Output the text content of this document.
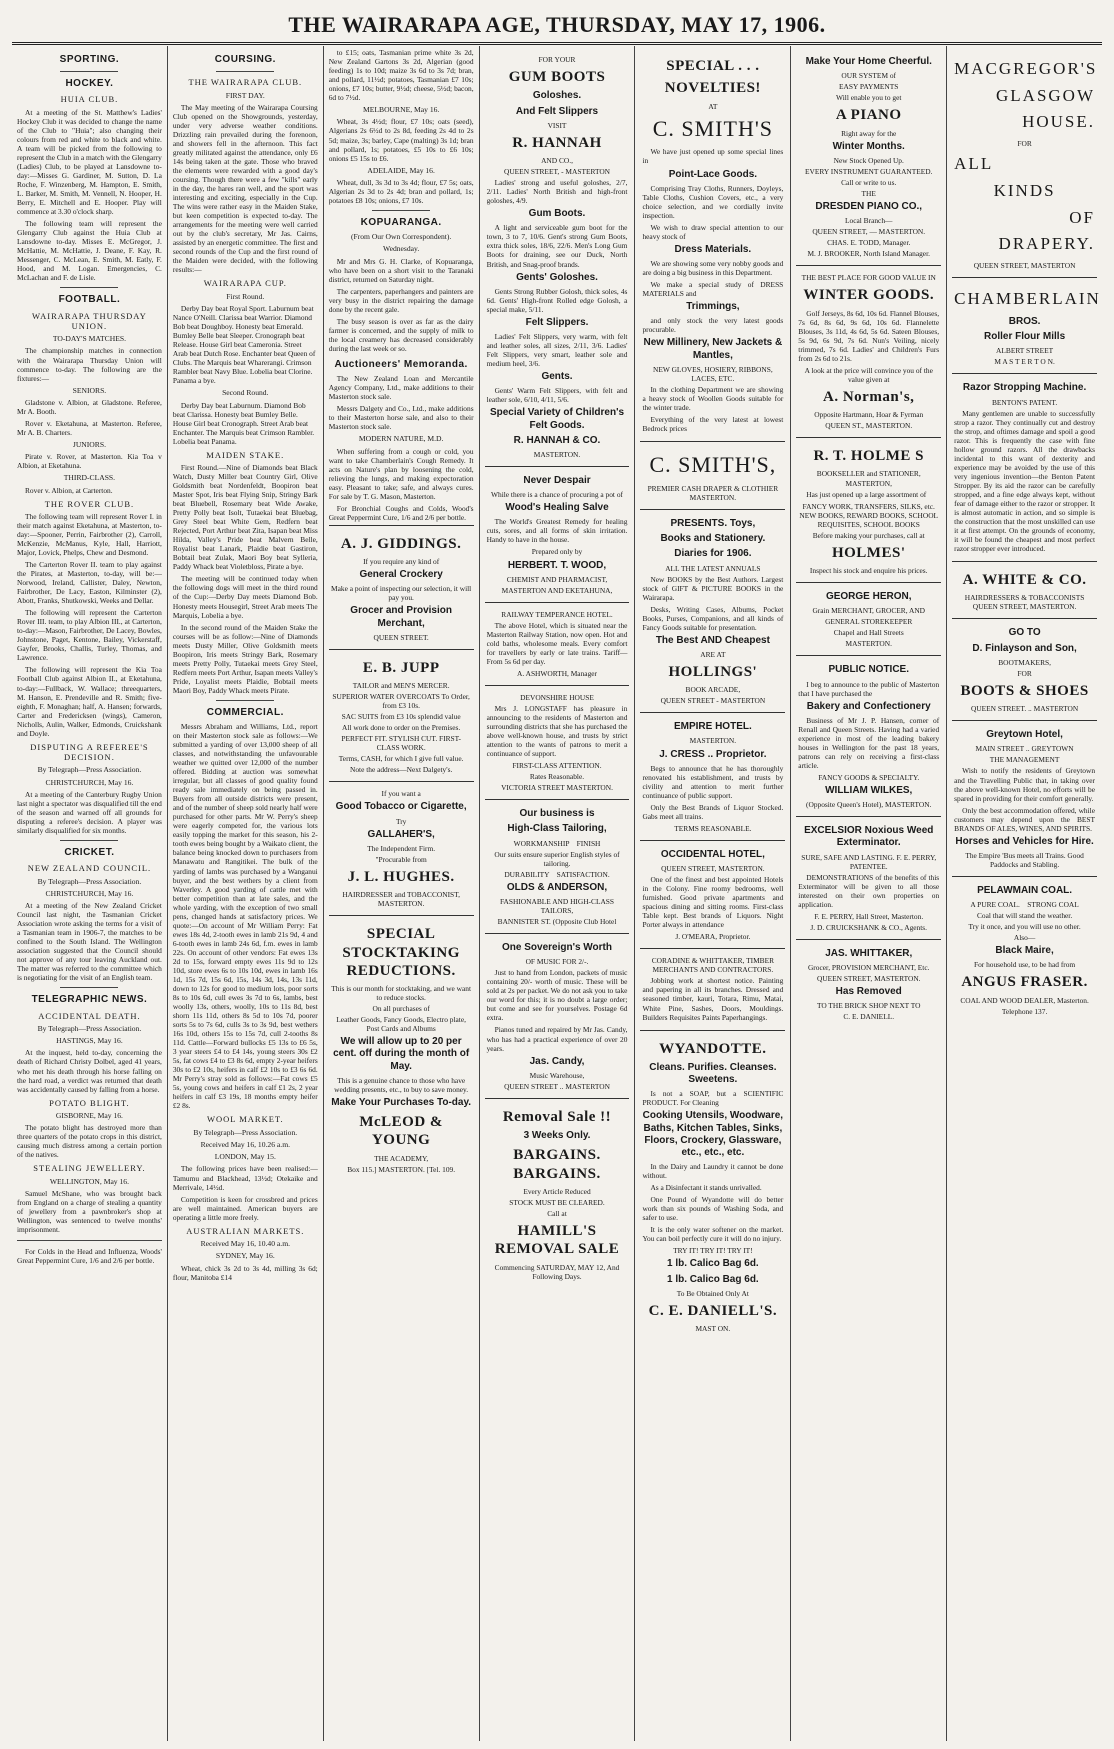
THE WAIRARAPA AGE, THURSDAY, MAY 17, 1906.
SPORTING.
HOCKEY.
HUIA CLUB.

At a meeting of the St. Matthew's Ladies' Hockey Club it was decided to change the name of the Club to "Huia"; also changing their colours from red and white to black and white. A team will be picked from the following to represent the Club in a match with the Glengarry (Ladies) Club, to be played at Lansdowne to-day:—Misses G. Gardiner, M. Sutton, D. La Roche, F. Winzenberg, M. Hampton, E. Smith, L. Barker, M. Smith, M. Vennell, N. Hooper, H. Berry, E. Mitchell and E. Hooper. Play will commence at 3.30 o'clock sharp.

The following team will represent the Glengarry Club against the Huia Club at Lansdowne to-day. Misses E. McGregor, J. McHattie, M. McHattie, J. Deane, F. Kay, R. Messenger, C. McLean, E. Smith, M. Eatly, F. Hood, and M. Logan. Emergencies, C. McLachan and F. de Lisle.

FOOTBALL.
WAIRARAPA THURSDAY UNION.
TO-DAY'S MATCHES.

The championship matches in connection with the Wairarapa Thursday Union will commence to-day. The following are the fixtures:—

SENIORS.

Gladstone v. Albion, at Gladstone. Referee, Mr A. Booth.

Rover v. Eketahuna, at Masterton. Referee, Mr A. B. Charters.

JUNIORS.

Pirate v. Rover, at Masterton. Kia Toa v Albion, at Eketahuna.

THIRD-CLASS.

Rover v. Albion, at Carterton.

THE ROVER CLUB.

The following team will represent Rover I. in their match against Eketahuna, at Masterton, to-day:—Spooner, Perrin, Fairbrother (2), Carroll, McKenzie, McManus, Kyle, Hall, Harriott, Major, Lovick, Phelps, Chew and Desmond.

The Carterton Rover II. team to play against the Pirates, at Masterton, to-day, will be:—Norwood, Ireland, Callister, Daley, Newton, Fairbrother, De Lacy, Easton, Kilminster (2), Abott, Franks, Shutkowski, Weeks and Dellar.

The following will represent the Carterton Rover III. team, to play Albion III., at Carterton, to-day:—Mason, Fairbrother, De Lacey, Bowles, Johnstone, Paget, Kentone, Bailey, Vickerstaff, Gayfer, Brooks, Challis, Turley, Thomas, and Lawrence.

The following will represent the Kia Toa Football Club against Albion II., at Eketahuna, to-day:—Fullback, W. Wallace; threequarters, M. Hanson, E. Prendeville and R. Smith; five-eighth, F. Monaghan; half, A. Hansen; forwards, Carter and Fredericksen (wings), Cameron, Nicholls, Aulin, Walker, Edmonds, Cruickshank and Doyle.

DISPUTING A REFEREE'S DECISION.
By Telegraph—Press Association.
CHRISTCHURCH, May 16.

At a meeting of the Canterbury Rugby Union last night a spectator was disqualified till the end of the season and warned off all grounds for disputing a referee's decision. A player was similarly disqualified for six months.

CRICKET.
NEW ZEALAND COUNCIL.
By Telegraph—Press Association.
CHRISTCHURCH, May 16.

At a meeting of the New Zealand Cricket Council last night, the Tasmanian Cricket Association wrote asking the terms for a visit of a Tasmanian team in 1906-7, the matches to be confined to the South Island. The Wellington association suggested that the Council should not approve of any tour leaving Auckland out. The matter was referred to the committee which is negotiating for the visit of an English team.

TELEGRAPHIC NEWS.
ACCIDENTAL DEATH.
By Telegraph—Press Association.
HASTINGS, May 16.

At the inquest, held to-day, concerning the death of Richard Christy Dolbel, aged 41 years, who met his death through his horse falling on the hard road, a verdict was returned that death was accidentally caused by falling from a horse.

POTATO BLIGHT.
GISBORNE, May 16.

The potato blight has destroyed more than three quarters of the potato crops in this district, causing much distress among a certain portion of the natives.

STEALING JEWELLERY.
WELLINGTON, May 16.

Samuel McShane, who was brought back from England on a charge of stealing a quantity of jewellery from a pawnbroker's shop at Wellington, was sentenced to twelve months' imprisonment.

For Colds in the Head and Influenza, Woods' Great Peppermint Cure, 1/6 and 2/6 per bottle.

COURSING.
THE WAIRARAPA CLUB.
FIRST DAY.

The May meeting of the Wairarapa Coursing Club opened on the Showgrounds, yesterday, under very adverse weather conditions. Drizzling rain prevailed during the forenoon, and showers fell in the afternoon. This fact greatly militated against the attendance, only £6 14s being taken at the gate. Those who braved the elements were rewarded with a good day's coursing. Though there were a few "kills" early in the day, the hares ran well, and the sport was interesting and exciting, especially in the Cup. The wins were rather easy in the Maiden Stake, but keen competition is expected to-day. The arrangements for the meeting were well carried out by the club's secretary, Mr Jas. Cairns, assisted by an energetic committee. The first and second rounds of the Cup and the first round of the Maiden were decided, with the following results:—

WAIRARAPA CUP.
First Round.

Derby Day beat Royal Sport. Laburnum beat Nance O'Neill. Clarissa beat Warrior. Diamond Bob beat Doughboy. Honesty beat Emerald. Bumley Belle beat Sleeper. Cronograph beat Release. House Girl beat Cameronia. Street Arab beat Dutch Rose. Enchanter beat Queen of Clubs. The Marquis beat Wharerangi. Crimson Rambler beat Navy Blue. Lobelia beat Clorine. Panama a bye.

Second Round.

Derby Day beat Laburnum. Diamond Bob beat Clarissa. Honesty beat Bumley Belle. House Girl beat Cronograph. Street Arab beat Enchanter. The Marquis beat Crimson Rambler. Lobelia beat Panama.

MAIDEN STAKE.

First Round.—Nine of Diamonds beat Black Watch, Dusty Miller beat Country Girl, Olive Goldsmith beat Nordenfeldt, Boopiron beat Master Spot, Iris beat Flying Snip, Stringy Bark beat Bluebell, Rosemary beat Wide Awake, Pretty Polly beat Isolt, Tutaekai beat Bluebag, Grey Steel beat White Gem, Redfern beat Rejected, Port Arthur beat Zita, Isapan beat Miss Hilda, Valley's Pride beat Malvern Belle, Royalist beat Lanark, Plaidie beat Gastiron, Bobtail beat Zulak, Maori Boy beat Sylleria, Paddy Whack beat Violetbloss, Pirate a bye.

The meeting will be continued today when the following dogs will meet in the third round of the Cup:—Derby Day meets Diamond Bob. Honesty meets Housegirl, Street Arab meets The Marquis, Lobelia a bye.

In the second round of the Maiden Stake the courses will be as follow:—Nine of Diamonds meets Dusty Miller, Olive Goldsmith meets Boopiron, Iris meets Stringy Bark, Rosemary meets Pretty Polly, Tutaekai meets Grey Steel, Redfern meets Port Arthur, Isapan meets Valley's Pride, Loyalist meets Plaidie, Bobtail meets Maori Boy, Paddy Whack meets Pirate.

COMMERCIAL.

Messrs Abraham and Williams, Ltd., report on their Masterton stock sale as follows:—We submitted a yarding of over 13,000 sheep of all classes, and notwithstanding the unfavourable weather we quitted over 12,000 of the number offered. Bidding at auction was somewhat irregular, but all classes of good quality found ready sale immediately on being passed in. Buyers from all outside districts were present, and of the number of sheep sold nearly half were purchased for other parts. Mr W. Perry's sheep were eagerly competed for, the various lots easily topping the market for this season, his 2-tooth ewes being bought by a Waikato client, the balance being knocked down to purchasers from Manawatu and Rangitikei. The bulk of the yarding of lambs was purchased by a Wanganui buyer, and the best wethers by a client from Waverley. A good yarding of cattle met with better competition than at late sales, and the whole yarding, with the exception of two small pens, changed hands at satisfactory prices. We quote:—On account of Mr William Perry: Fat ewes 18s 4d, 2-tooth ewes in lamb 21s 9d, 4 and 6-tooth ewes in lamb 24s 6d, f.m. ewes in lamb 22s. On account of other vendors: Fat ewes 13s 2d to 15s, forward empty ewes 11s 9d to 12s 10d, store ewes 6s to 10s 10d, ewes in lamb 16s 1d, 15s 7d, 15s 6d, 15s, 14s 3d, 14s, 13s 11d, down to 12s for good to medium lots, poor sorts 8s to 10s 6d, cull ewes 3s 7d to 6s, lambs, best woolly 13s, others, woolly, 10s to 11s 8d, best shorn 11s 11d, others 8s 5d to 10s 7d, poorer sorts 5s to 7s 6d, culls 3s to 3s 9d, best wethers 16s 10d, others 15s to 15s 7d, cull 2-tooths 8s 11d. Cattle—Forward bullocks £5 13s to £6 5s, 3 year steers £4 to £4 14s, young steers 30s £2 5s, fat cows £4 to £3 8s 6d, empty 2-year heifers 30s to £2 10s, heifers in calf £2 10s to £3 6s 6d. Mr Perry's stray sold as follows:—Fat cows £5 5s, young cows and heifers in calf £1 2s, 2 year heifers in calf £3 19s, 18 months empty heifer £2 8s.

WOOL MARKET.
By Telegraph—Press Association.
Received May 16, 10.26 a.m.
LONDON, May 15.

The following prices have been realised:—Tamumu and Blackhead, 13½d; Otekaike and Merrivale, 14½d.

Competition is keen for crossbred and prices are well maintained. American buyers are operating a little more freely.

AUSTRALIAN MARKETS.
Received May 16, 10.40 a.m.
SYDNEY, May 16.

Wheat, chick 3s 2d to 3s 4d, milling 3s 6d; flour, Manitoba £14

to £15; oats, Tasmanian prime white 3s 2d, New Zealand Gartons 3s 2d, Algerian (good feeding) 1s to 10d; maize 3s 6d to 3s 7d; bran, and pollard, 11½d; potatoes, Tasmanian £7 10s; onions, £7 10s; butter, 9½d; cheese, 5½d; bacon, 6d to 7½d.

MELBOURNE, May 16.

Wheat, 3s 4½d; flour, £7 10s; oats (seed), Algerians 2s 6½d to 2s 8d, feeding 2s 4d to 2s 5d; maize, 3s; barley, Cape (malting) 3s 1d; bran and pollard, 1s; potatoes, £5 10s to £6 10s; onions £5 15s to £6.

ADELAIDE, May 16.

Wheat, dull, 3s 3d to 3s 4d; flour, £7 5s; oats, Algerian 2s 3d to 2s 4d; bran and pollard, 1s; potatoes £8 10s; onions, £7 10s.

KOPUARANGA.
(From Our Own Correspondent).
Wednesday.

Mr and Mrs G. H. Clarke, of Kopuaranga, who have been on a short visit to the Taranaki district, returned on Saturday night.

The carpenters, paperhangers and painters are very busy in the district repairing the damage done by the recent gale.

The busy season is over as far as the dairy farmer is concerned, and the supply of milk to the local creamery has decreased considerably during the last week or so.

Auctioneers' Memoranda.

The New Zealand Loan and Mercantile Agency Company, Ltd., make additions to their Masterton stock sale.

Messrs Dalgety and Co., Ltd., make additions to their Masterton horse sale, and also to their Masterton stock sale.

MODERN NATURE, M.D.

When suffering from a cough or cold, you want to take Chamberlain's Cough Remedy. It acts on Nature's plan by loosening the cold, relieving the lungs, and making expectoration easy. Pleasant to take; safe, and always cures. For sale by T. G. Mason, Masterton.

For Bronchial Coughs and Colds, Wood's Great Peppermint Cure, 1/6 and 2/6 per bottle.

A. J. GIDDINGS.
If you require any kind of
General Crockery
Make a point of inspecting our selection, it will pay you.
Grocer and Provision Merchant,
QUEEN STREET.
E. B. JUPP
TAILOR and MEN'S MERCER.
SUPERIOR WATER OVERCOATS To Order, from £3 10s.
SAC SUITS from £3 10s splendid value
All work done to order on the Premises.
PERFECT FIT. STYLISH CUT. FIRST-CLASS WORK.
Terms, CASH, for which I give full value.
Note the address—Next Dalgety's.
If you want a
Good Tobacco or Cigarette,
Try
GALLAHER'S,
The Independent Firm.
"Procurable from
J. L. HUGHES.
HAIRDRESSER and TOBACCONIST, MASTERTON.
SPECIAL STOCKTAKING REDUCTIONS.
This is our month for stocktaking, and we want to reduce stocks.
On all purchases of
Leather Goods, Fancy Goods, Electro plate, Post Cards and Albums
We will allow up to 20 per cent. off during the month of May.
This is a genuine chance to those who have wedding presents, etc., to buy to save money.
Make Your Purchases To-day.
McLEOD & YOUNG
THE ACADEMY,
Box 115.] MASTERTON. [Tel. 109.
FOR YOUR
GUM BOOTS
Goloshes.
And Felt Slippers
VISIT
R. HANNAH
AND CO.,
QUEEN STREET, - MASTERTON

Ladies' strong and useful goloshes, 2/7, 2/11. Ladies' North British and high-front goloshes, 4/9.

Gum Boots.

A light and serviceable gum boot for the town, 3 to 7, 10/6. Gent's strong Gum Boots, extra thick soles, 18/6, 22/6. Men's Long Gum Boots for draining, see our Duck, North British, and Snag-proof brands.

Gents' Goloshes.

Gents Strong Rubber Golosh, thick soles, 4s 6d. Gents' High-front Rolled edge Golosh, a special make, 5/11.

Felt Slippers.

Ladies' Felt Slippers, very warm, with felt and leather soles, all sizes, 2/11, 3/6. Ladies' Felt Slippers, very smart, leather sole and medium heel, 3/6.

Gents.

Gents' Warm Felt Slippers, with felt and leather sole, 6/10, 4/11, 5/6.

Special Variety of Children's Felt Goods.
R. HANNAH & CO.
MASTERTON.
Never Despair
While there is a chance of procuring a pot of
Wood's Healing Salve

The World's Greatest Remedy for healing cuts, sores, and all forms of skin irritation. Handy to have in the house.

Prepared only by
HERBERT. T. WOOD,
CHEMIST AND PHARMACIST,
MASTERTON AND EKETAHUNA,
RAILWAY TEMPERANCE HOTEL.

The above Hotel, which is situated near the Masterton Railway Station, now open. Hot and cold baths, wholesome meals. Every comfort for travellers by early or late trains. Tariff—From 5s 6d per day.

A. ASHWORTH, Manager
DEVONSHIRE HOUSE

Mrs J. LONGSTAFF has pleasure in announcing to the residents of Masterton and surrounding districts that she has purchased the above well-known house, and trusts by strict attention to the wants of patrons to merit a continuance of support.

FIRST-CLASS ATTENTION.
Rates Reasonable.
VICTORIA STREET MASTERTON.
Our business is
High-Class Tailoring,
WORKMANSHIP FINISH
Our suits ensure superior English styles of tailoring.
DURABILITY SATISFACTION.
OLDS & ANDERSON,
FASHIONABLE AND HIGH-CLASS TAILORS,
BANNISTER ST. (Opposite Club Hotel
One Sovereign's Worth
OF MUSIC FOR 2/-.

Just to hand from London, packets of music containing 20/- worth of music. These will be sold at 2s per packet. We do not ask you to take our word for this; it is no doubt a large order; but come and see for yourselves. Postage 6d extra.

Pianos tuned and repaired by Mr Jas. Candy, who has had a practical experience of over 20 years.

Jas. Candy,
Music Warehouse,
QUEEN STREET .. MASTERTON
Removal Sale !!
3 Weeks Only.
BARGAINS. BARGAINS.
Every Article Reduced
STOCK MUST BE CLEARED.
Call at
HAMILL'S REMOVAL SALE
Commencing SATURDAY, MAY 12, And Following Days.
SPECIAL . . .
NOVELTIES!
AT
C. SMITH'S

We have just opened up some special lines in

Point-Lace Goods.

Comprising Tray Cloths, Runners, Doyleys, Table Cloths, Cushion Covers, etc., a very choice selection, and we cordially invite inspection.

We wish to draw special attention to our heavy stock of

Dress Materials.

We are showing some very nobby goods and are doing a big business in this Department.

We make a special study of DRESS MATERIALS and

Trimmings,

and only stock the very latest goods procurable.

New Millinery, New Jackets & Mantles,
NEW GLOVES, HOSIERY, RIBBONS, LACES, ETC.

In the clothing Department we are showing a heavy stock of Woollen Goods suitable for the winter trade.

Everything of the very latest at lowest Bedrock prices

C. SMITH'S,
PREMIER CASH DRAPER & CLOTHIER MASTERTON.
PRESENTS. Toys,
Books and Stationery.
Diaries for 1906.
ALL THE LATEST ANNUALS

New BOOKS by the Best Authors. Largest stock of GIFT & PICTURE BOOKS in the Wairarapa.

Desks, Writing Cases, Albums, Pocket Books, Purses, Companions, and all kinds of Fancy Goods suitable for presentation.

The Best AND Cheapest
ARE AT
HOLLINGS'
BOOK ARCADE,
QUEEN STREET - MASTERTON
EMPIRE HOTEL.
MASTERTON.
J. CRESS .. Proprietor.

Begs to announce that he has thoroughly renovated his establishment, and trusts by civility and attention to merit further continuance of public support.

Only the Best Brands of Liquor Stocked. Gabs meet all trains.

TERMS REASONABLE.
OCCIDENTAL HOTEL,
QUEEN STREET, MASTERTON.

One of the finest and best appointed Hotels in the Colony. Fine roomy bedrooms, well furnished. Good private apartments and spacious dining and sitting rooms. First-class Table kept. Best brands of Liquors. Night Porter always in attendance

J. O'MEARA, Proprietor.
CORADINE & WHITTAKER, TIMBER MERCHANTS AND CONTRACTORS.

Jobbing work at shortest notice. Painting and papering in all its branches. Dressed and seasoned timber, kauri, Totara, Rimu, Matai, White Pine, Sashes, Doors, Mouldings. Builders Requisites Paints Paperhangings.

WYANDOTTE.
Cleans. Purifies. Cleanses. Sweetens.

Is not a SOAP, but a SCIENTIFIC PRODUCT. For Cleaning

Cooking Utensils, Woodware, Baths, Kitchen Tables, Sinks, Floors, Crockery, Glassware, etc., etc., etc.

In the Dairy and Laundry it cannot be done without.

As a Disinfectant it stands unrivalled.

One Pound of Wyandotte will do better work than six pounds of Washing Soda, and safer to use.

It is the only water softener on the market. You can boil perfectly cure it will do no injury.

TRY IT! TRY IT! TRY IT!
1 lb. Calico Bag 6d.
1 lb. Calico Bag 6d.
To Be Obtained Only At
C. E. DANIELL'S.
MAST ON.
Make Your Home Cheerful.
OUR SYSTEM of
EASY PAYMENTS
Will enable you to get
A PIANO
Right away for the
Winter Months.
New Stock Opened Up.
EVERY INSTRUMENT GUARANTEED.
Call or write to us.
THE
DRESDEN PIANO CO.,
Local Branch—
QUEEN STREET, — MASTERTON.
CHAS. E. TODD, Manager.
M. J. BROOKER, North Island Manager.
THE BEST PLACE FOR GOOD VALUE IN
WINTER GOODS.

Golf Jerseys, 8s 6d, 10s 6d. Flannel Blouses, 7s 6d, 8s 6d, 9s 6d, 10s 6d. Flannelette Blouses, 3s 11d, 4s 6d, 5s 6d. Sateen Blouses, 5s 9d, 6s 9d, 7s 6d. Nun's Veiling, nicely trimmed, 7s 6d. Ladies' and Children's Furs from 2s 6d to 21s.

A look at the price will convince you of the value given at
A. Norman's,
Opposite Hartmann, Hoar & Fyrman
QUEEN ST., MASTERTON.
R. T. HOLME S
BOOKSELLER and STATIONER, MASTERTON,

Has just opened up a large assortment of

FANCY WORK, TRANSFERS, SILKS, etc. NEW BOOKS, REWARD BOOKS, SCHOOL REQUISITES, SCHOOL BOOKS
Before making your purchases, call at
HOLMES'
Inspect his stock and enquire his prices.
GEORGE HERON,
Grain MERCHANT, GROCER, AND
GENERAL STOREKEEPER
Chapel and Hall Streets
MASTERTON.
PUBLIC NOTICE.

I beg to announce to the public of Masterton that I have purchased the

Bakery and Confectionery

Business of Mr J. P. Hansen, corner of Renall and Queen Streets. Having had a varied experience in most of the leading bakery houses in Wellington for the past 18 years, patrons can rely on receiving a first-class article.

FANCY GOODS & SPECIALTY.
WILLIAM WILKES,
(Opposite Queen's Hotel), MASTERTON.
EXCELSIOR Noxious Weed Exterminator.
SURE, SAFE AND LASTING. F. E. PERRY, PATENTEE.

DEMONSTRATIONS of the benefits of this Exterminator will be given to all those interested on their own properties on application.

F. E. PERRY, Hall Street, Masterton.
J. D. CRUICKSHANK & CO., Agents.
JAS. WHITTAKER,
Grocer, PROVISION MERCHANT, Etc.
QUEEN STREET, MASTERTON.
Has Removed
TO THE BRICK SHOP NEXT TO
C. E. DANIELL.
MACGREGOR'S
GLASGOW
HOUSE.
FOR
ALL
KINDS
OF
DRAPERY.
QUEEN STREET, MASTERTON
CHAMBERLAIN
BROS.
Roller Flour Mills
ALBERT STREET
M A S T E R T O N.
Razor Stropping Machine.
BENTON'S PATENT.

Many gentlemen are unable to successfully strop a razor. They continually cut and destroy the strop, and oftimes damage and spoil a good razor. This is frequently the case with fine hollow ground razors. All the drawbacks incidental to this want of dexterity and experience may be avoided by the use of this very ingenious invention—the Benton Patent Stropper. By its aid the razor can be carefully stropped, and a fine edge always kept, without fear of damage either to the razor or stropper. It is almost automatic in action, and so simple is the construction that the most unskilled can use it at first attempt. On the grounds of economy, it will be found the cheapest and most perfect razor stropper ever introduced.

A. WHITE & CO.
HAIRDRESSERS & TOBACCONISTS QUEEN STREET, MASTERTON.
GO TO
D. Finlayson and Son,
BOOTMAKERS,
FOR
BOOTS & SHOES
QUEEN STREET. .. MASTERTON
Greytown Hotel,
MAIN STREET .. GREYTOWN
THE MANAGEMENT

Wish to notify the residents of Greytown and the Travelling Public that, in taking over the above well-known Hotel, no efforts will be spared in providing for their comfort generally.

Only the best accommodation offered, while customers may depend upon the BEST BRANDS OF ALES, WINES, AND SPIRITS.

Horses and Vehicles for Hire.
The Empire 'Bus meets all Trains. Good Paddocks and Stabling.
PELAWMAIN COAL.
A PURE COAL. STRONG COAL
Coal that will stand the weather.
Try it once, and you will use no other.
Also—
Black Maire,
For household use, to be had from
ANGUS FRASER.
COAL AND WOOD DEALER, Masterton.
Telephone 137.
